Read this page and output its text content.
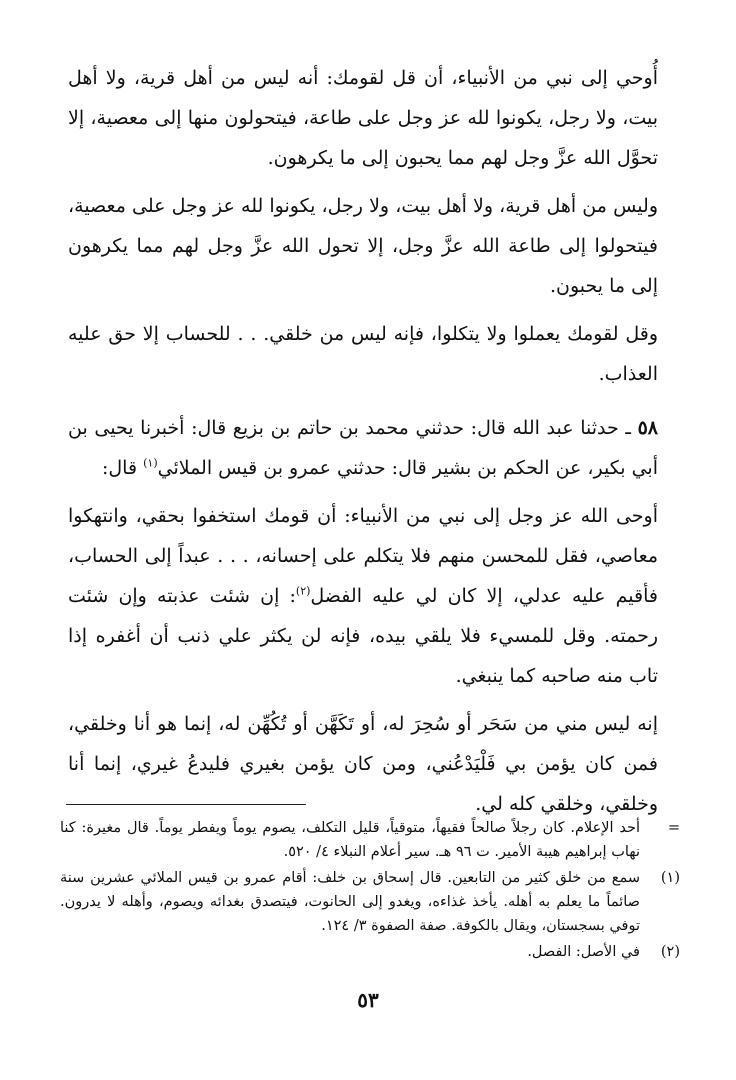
أُوحي إلى نبي من الأنبياء، أن قل لقومك: أنه ليس من أهل قرية، ولا أهل بيت، ولا رجل، يكونوا لله عز وجل على طاعة، فيتحولون منها إلى معصية، إلا تحوَّل الله عزَّ وجل لهم مما يحبون إلى ما يكرهون.

وليس من أهل قرية، ولا أهل بيت، ولا رجل، يكونوا لله عز وجل على معصية، فيتحولوا إلى طاعة الله عزَّ وجل، إلا تحول الله عزَّ وجل لهم مما يكرهون إلى ما يحبون.

وقل لقومك يعملوا ولا يتكلوا، فإنه ليس من خلقي. . . للحساب إلا حق عليه العذاب.

٥٨ ـ حدثنا عبد الله قال: حدثني محمد بن حاتم بن بزيع قال: أخبرنا يحيى بن أبي بكير، عن الحكم بن بشير قال: حدثني عمرو بن قيس الملائي$^{(١)}$ قال:

أوحى الله عز وجل إلى نبي من الأنبياء: أن قومك استخفوا بحقي، وانتهكوا معاصي، فقل للمحسن منهم فلا يتكلم على إحسانه، . . . عبداً إلى الحساب، فأقيم عليه عدلي، إلا كان لي عليه الفضل$^{(٢)}$: إن شئت عذبته وإن شئت رحمته. وقل للمسيء فلا يلقي بيده، فإنه لن يكثر علي ذنب أن أغفره إذا تاب منه صاحبه كما ينبغي.

إنه ليس مني من سَحَر أو سُحِرَ له، أو تَكَهَّن أو تُكُهِّن له، إنما هو أنا وخلقي، فمن كان يؤمن بي فَلْيَدْعُني، ومن كان يؤمن بغيري فليدعُ غيري، إنما أنا وخلقي، وخلقي كله لي.

=
أحد الإعلام. كان رجلاً صالحاً فقيهاً، متوقياً، قليل التكلف، يصوم يوماً ويفطر يوماً. قال مغيرة: كنا نهاب إبراهيم هيبة الأمير. ت ٩٦ هـ. سير أعلام النبلاء ٤/ ٥٢٠.
(١)
سمع من خلق كثير من التابعين. قال إسحاق بن خلف: أقام عمرو بن قيس الملائي عشرين سنة صائماً ما يعلم به أهله. يأخذ غذاءه، ويغدو إلى الحانوت، فيتصدق بغدائه ويصوم، وأهله لا يدرون. توفي بسجستان، ويقال بالكوفة. صفة الصفوة ٣/ ١٢٤.
(٢)
في الأصل: الفصل.
٥٣
